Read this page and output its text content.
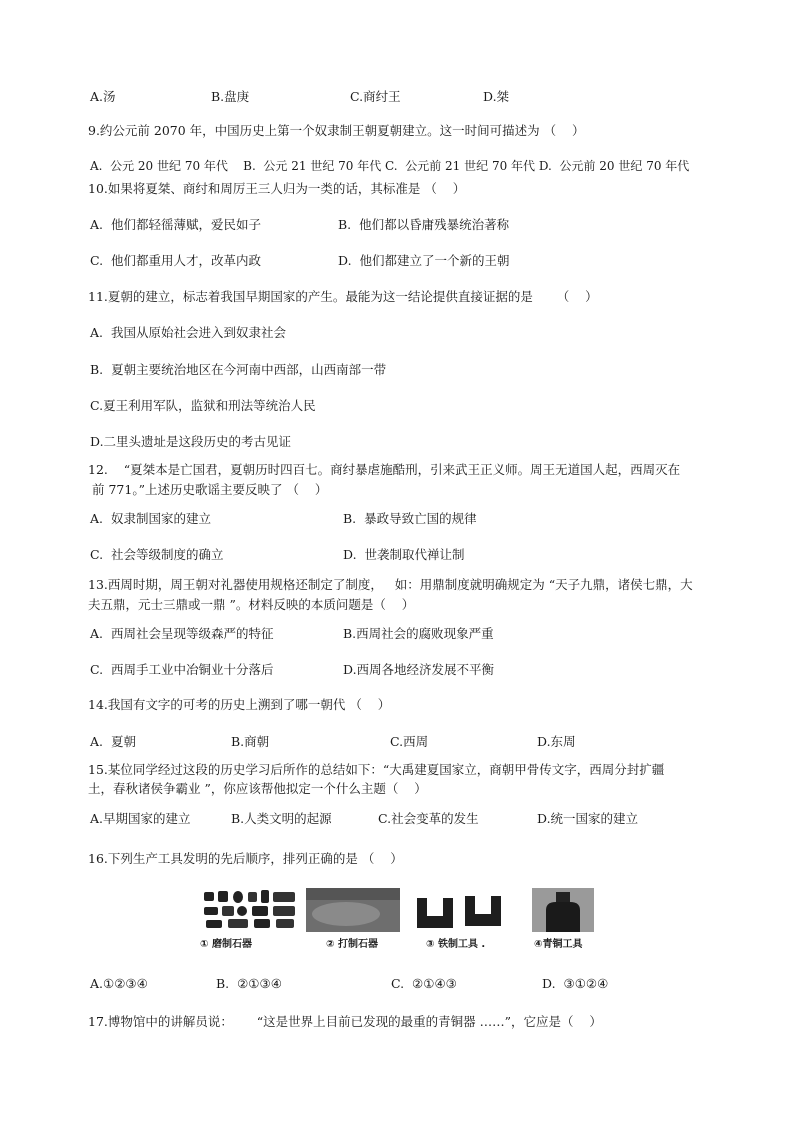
A.汤	B.盘庚	C.商纣王	D.桀
9.约公元前 2070 年，中国历史上第一个奴隶制王朝夏朝建立。这一时间可描述为 （    ）
A.  公元 20 世纪 70 年代    B.  公元 21 世纪 70 年代 C.  公元前 21 世纪 70 年代 D.  公元前 20 世纪 70 年代
10.如果将夏桀、商纣和周厉王三人归为一类的话，其标准是 （    ）
A.  他们都轻徭薄赋，爱民如子	B.  他们都以昏庸残暴统治著称
C.  他们都重用人才，改革内政	D.  他们都建立了一个新的王朝
11.夏朝的建立，标志着我国早期国家的产生。最能为这一结论提供直接证据的是      （    ）
A.  我国从原始社会进入到奴隶社会
B.  夏朝主要统治地区在今河南中西部，山西南部一带
C.夏王利用军队，监狱和刑法等统治人民
D.二里头遗址是这段历史的考古见证
12.    “夏桀本是亡国君，夏朝历时四百七。商纣暴虐施酷刑，引来武王正义师。周王无道国人起，西周灭在
前 771。”上述历史歌谣主要反映了 （    ）
A.  奴隶制国家的建立	B.  暴政导致亡国的规律
C.  社会等级制度的确立	D.  世袭制取代禅让制
13.西周时期，周王朝对礼器使用规格还制定了制度，   如：用鼎制度就明确规定为 “天子九鼎，诸侯七鼎，大
夫五鼎，元士三鼎或一鼎 ”。材料反映的本质问题是（    ）
A.  西周社会呈现等级森严的特征	B.西周社会的腐败现象严重
C.  西周手工业中冶铜业十分落后	D.西周各地经济发展不平衡
14.我国有文字的可考的历史上溯到了哪一朝代 （    ）
A.  夏朝	B.商朝	C.西周	D.东周
15.某位同学经过这段的历史学习后所作的总结如下：“大禹建夏国家立，商朝甲骨传文字，西周分封扩疆
土，春秋诸侯争霸业 ”，你应该帮他拟定一个什么主题（    ）
A.早期国家的建立	B.人类文明的起源	C.社会变革的发生	D.统一国家的建立
16.下列生产工具发明的先后顺序，排列正确的是 （    ）
① 磨制石器	② 打制石器	③ 铁制工具 .	④青铜工具
A.①②③④	B.  ②①③④	C.  ②①④③	D.  ③①②④
17.博物馆中的讲解员说：      “这是世界上目前已发现的最重的青铜器 ……”，它应是（    ）
